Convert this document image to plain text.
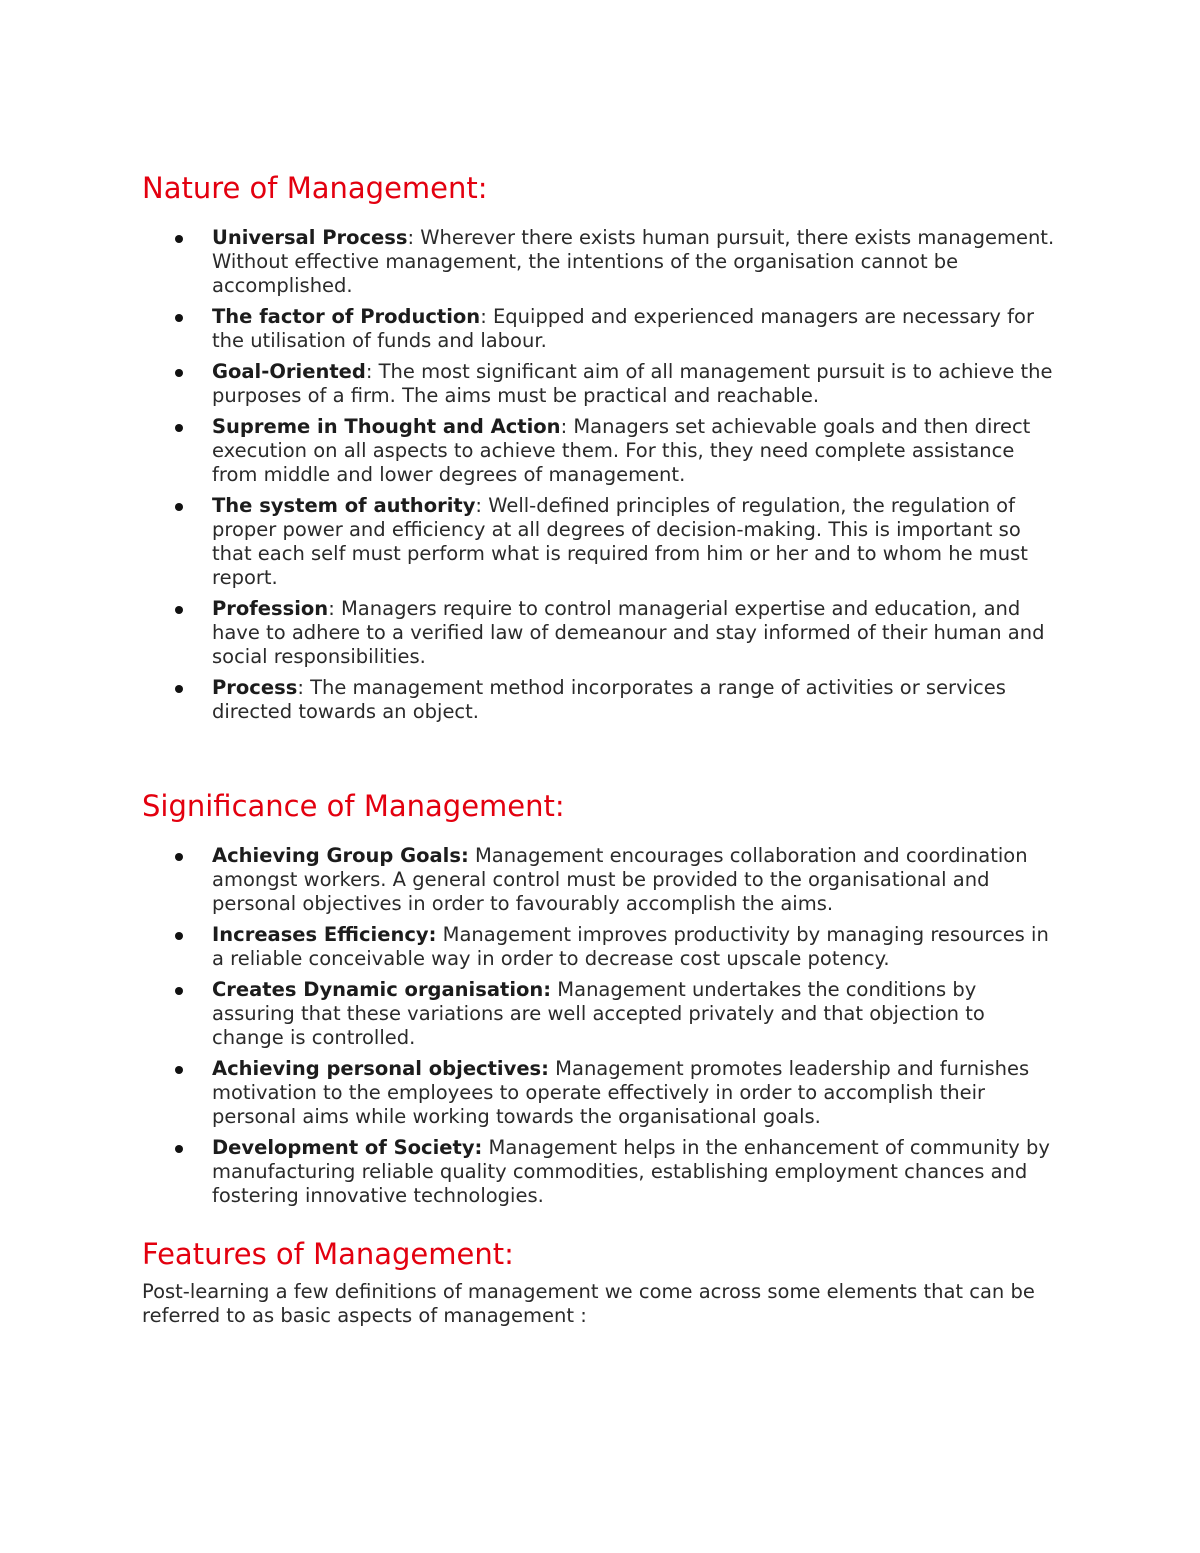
Nature of Management:
Universal Process: Wherever there exists human pursuit, there exists management. Without effective management, the intentions of the organisation cannot be accomplished.
The factor of Production: Equipped and experienced managers are necessary for the utilisation of funds and labour.
Goal-Oriented: The most significant aim of all management pursuit is to achieve the purposes of a firm. The aims must be practical and reachable.
Supreme in Thought and Action: Managers set achievable goals and then direct execution on all aspects to achieve them. For this, they need complete assistance from middle and lower degrees of management.
The system of authority: Well-defined principles of regulation, the regulation of proper power and efficiency at all degrees of decision-making. This is important so that each self must perform what is required from him or her and to whom he must report.
Profession: Managers require to control managerial expertise and education, and have to adhere to a verified law of demeanour and stay informed of their human and social responsibilities.
Process: The management method incorporates a range of activities or services directed towards an object.
Significance of Management:
Achieving Group Goals: Management encourages collaboration and coordination amongst workers. A general control must be provided to the organisational and personal objectives in order to favourably accomplish the aims.
Increases Efficiency: Management improves productivity by managing resources in a reliable conceivable way in order to decrease cost upscale potency.
Creates Dynamic organisation: Management undertakes the conditions by assuring that these variations are well accepted privately and that objection to change is controlled.
Achieving personal objectives: Management promotes leadership and furnishes motivation to the employees to operate effectively in order to accomplish their personal aims while working towards the organisational goals.
Development of Society: Management helps in the enhancement of community by manufacturing reliable quality commodities, establishing employment chances and fostering innovative technologies.
Features of Management:

Post-learning a few definitions of management we come across some elements that can be referred to as basic aspects of management :
